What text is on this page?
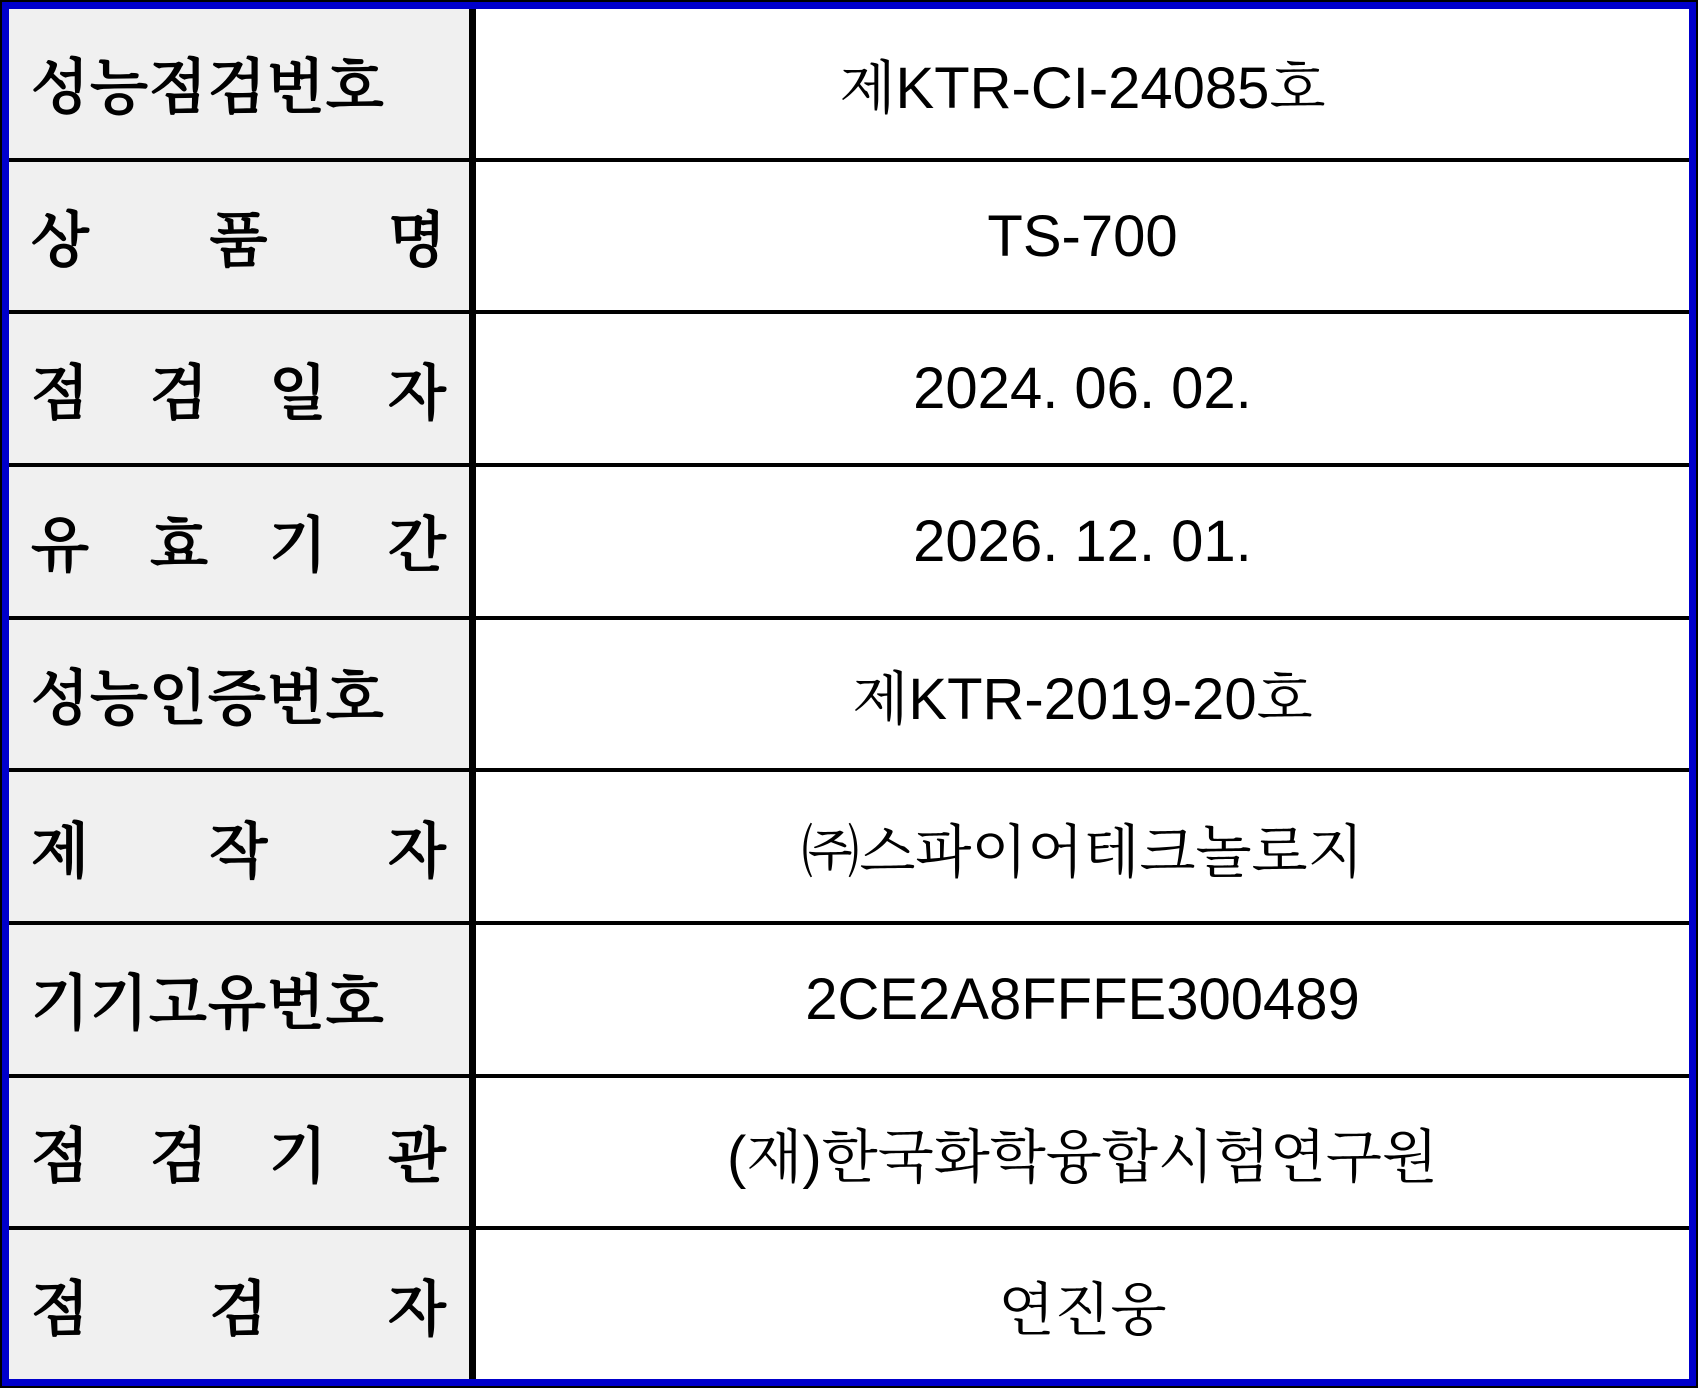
성능점검번호	제KTR-CI-24085호
상 품 명	TS-700
점 검 일 자	2024. 06. 02.
유 효 기 간	2026. 12. 01.
성능인증번호	제KTR-2019-20호
제 작 자	㈜스파이어테크놀로지
기기고유번호	2CE2A8FFFE300489
점 검 기 관	(재)한국화학융합시험연구원
점 검 자	연진웅
